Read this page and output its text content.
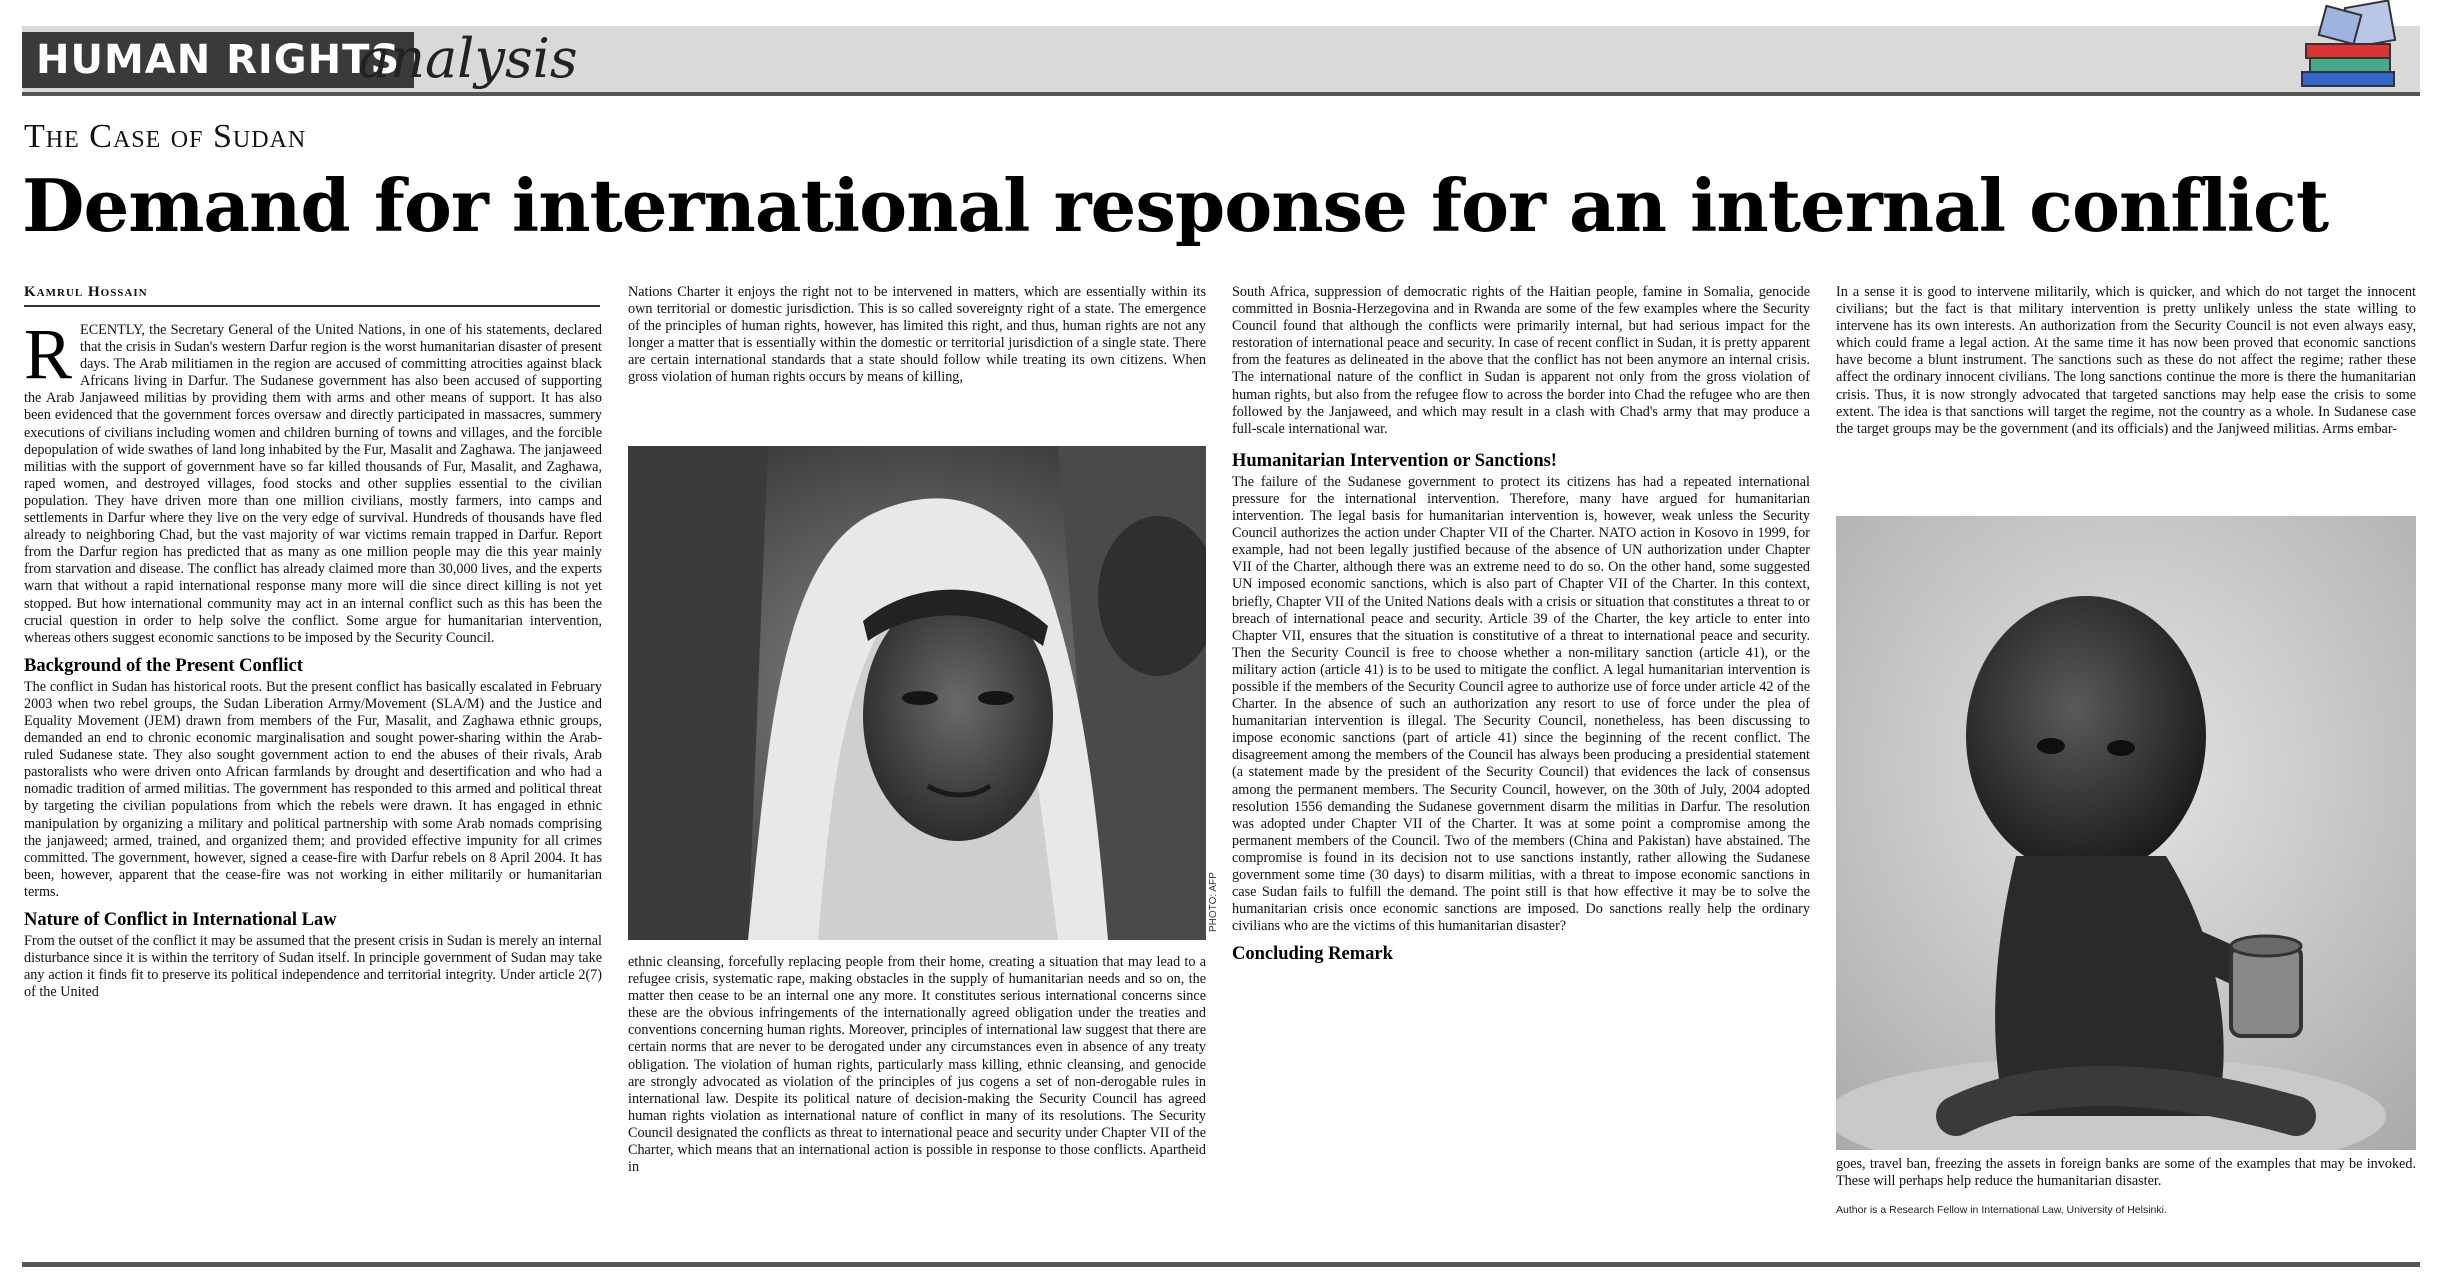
HUMAN RIGHTS
analysis
The Case of Sudan
Demand for international response for an internal conflict
Kamrul Hossain

RECENTLY, the Secretary General of the United Nations, in one of his statements, declared that the crisis in Sudan's western Darfur region is the worst humanitarian disaster of present days. The Arab militiamen in the region are accused of committing atrocities against black Africans living in Darfur. The Sudanese government has also been accused of supporting the Arab Janjaweed militias by providing them with arms and other means of support. It has also been evidenced that the government forces oversaw and directly participated in massacres, summery executions of civilians including women and children burning of towns and villages, and the forcible depopulation of wide swathes of land long inhabited by the Fur, Masalit and Zaghawa. The janjaweed militias with the support of government have so far killed thousands of Fur, Masalit, and Zaghawa, raped women, and destroyed villages, food stocks and other supplies essential to the civilian population. They have driven more than one million civilians, mostly farmers, into camps and settlements in Darfur where they live on the very edge of survival. Hundreds of thousands have fled already to neighboring Chad, but the vast majority of war victims remain trapped in Darfur. Report from the Darfur region has predicted that as many as one million people may die this year mainly from starvation and disease. The conflict has already claimed more than 30,000 lives, and the experts warn that without a rapid international response many more will die since direct killing is not yet stopped. But how international community may act in an internal conflict such as this has been the crucial question in order to help solve the conflict. Some argue for humanitarian intervention, whereas others suggest economic sanctions to be imposed by the Security Council.

Background of the Present Conflict

The conflict in Sudan has historical roots. But the present conflict has basically escalated in February 2003 when two rebel groups, the Sudan Liberation Army/Movement (SLA/M) and the Justice and Equality Movement (JEM) drawn from members of the Fur, Masalit, and Zaghawa ethnic groups, demanded an end to chronic economic marginalisation and sought power-sharing within the Arab-ruled Sudanese state. They also sought government action to end the abuses of their rivals, Arab pastoralists who were driven onto African farmlands by drought and desertification and who had a nomadic tradition of armed militias. The government has responded to this armed and political threat by targeting the civilian populations from which the rebels were drawn. It has engaged in ethnic manipulation by organizing a military and political partnership with some Arab nomads comprising the janjaweed; armed, trained, and organized them; and provided effective impunity for all crimes committed. The government, however, signed a cease-fire with Darfur rebels on 8 April 2004. It has been, however, apparent that the cease-fire was not working in either militarily or humanitarian terms.

Nature of Conflict in International Law

From the outset of the conflict it may be assumed that the present crisis in Sudan is merely an internal disturbance since it is within the territory of Sudan itself. In principle government of Sudan may take any action it finds fit to preserve its political independence and territorial integrity. Under article 2(7) of the United

Nations Charter it enjoys the right not to be intervened in matters, which are essentially within its own territorial or domestic jurisdiction. This is so called sovereignty right of a state. The emergence of the principles of human rights, however, has limited this right, and thus, human rights are not any longer a matter that is essentially within the domestic or territorial jurisdiction of a single state. There are certain international standards that a state should follow while treating its own citizens. When gross violation of human rights occurs by means of killing,

PHOTO: AFP

ethnic cleansing, forcefully replacing people from their home, creating a situation that may lead to a refugee crisis, systematic rape, making obstacles in the supply of humanitarian needs and so on, the matter then cease to be an internal one any more. It constitutes serious international concerns since these are the obvious infringements of the internationally agreed obligation under the treaties and conventions concerning human rights. Moreover, principles of international law suggest that there are certain norms that are never to be derogated under any circumstances even in absence of any treaty obligation. The violation of human rights, particularly mass killing, ethnic cleansing, and genocide are strongly advocated as violation of the principles of jus cogens a set of non-derogable rules in international law. Despite its political nature of decision-making the Security Council has agreed human rights violation as international nature of conflict in many of its resolutions. The Security Council designated the conflicts as threat to international peace and security under Chapter VII of the Charter, which means that an international action is possible in response to those conflicts. Apartheid in

South Africa, suppression of democratic rights of the Haitian people, famine in Somalia, genocide committed in Bosnia-Herzegovina and in Rwanda are some of the few examples where the Security Council found that although the conflicts were primarily internal, but had serious impact for the restoration of international peace and security. In case of recent conflict in Sudan, it is pretty apparent from the features as delineated in the above that the conflict has not been anymore an internal crisis. The international nature of the conflict in Sudan is apparent not only from the gross violation of human rights, but also from the refugee flow to across the border into Chad the refugee who are then followed by the Janjaweed, and which may result in a clash with Chad's army that may produce a full-scale international war.

Humanitarian Intervention or Sanctions!

The failure of the Sudanese government to protect its citizens has had a repeated international pressure for the international intervention. Therefore, many have argued for humanitarian intervention. The legal basis for humanitarian intervention is, however, weak unless the Security Council authorizes the action under Chapter VII of the Charter. NATO action in Kosovo in 1999, for example, had not been legally justified because of the absence of UN authorization under Chapter VII of the Charter, although there was an extreme need to do so. On the other hand, some suggested UN imposed economic sanctions, which is also part of Chapter VII of the Charter. In this context, briefly, Chapter VII of the United Nations deals with a crisis or situation that constitutes a threat to or breach of international peace and security. Article 39 of the Charter, the key article to enter into Chapter VII, ensures that the situation is constitutive of a threat to international peace and security. Then the Security Council is free to choose whether a non-military sanction (article 41), or the military action (article 41) is to be used to mitigate the conflict. A legal humanitarian intervention is possible if the members of the Security Council agree to authorize use of force under article 42 of the Charter. In the absence of such an authorization any resort to use of force under the plea of humanitarian intervention is illegal. The Security Council, nonetheless, has been discussing to impose economic sanctions (part of article 41) since the beginning of the recent conflict. The disagreement among the members of the Council has always been producing a presidential statement (a statement made by the president of the Security Council) that evidences the lack of consensus among the permanent members. The Security Council, however, on the 30th of July, 2004 adopted resolution 1556 demanding the Sudanese government disarm the militias in Darfur. The resolution was adopted under Chapter VII of the Charter. It was at some point a compromise among the permanent members of the Council. Two of the members (China and Pakistan) have abstained. The compromise is found in its decision not to use sanctions instantly, rather allowing the Sudanese government some time (30 days) to disarm militias, with a threat to impose economic sanctions in case Sudan fails to fulfill the demand. The point still is that how effective it may be to solve the humanitarian crisis once economic sanctions are imposed. Do sanctions really help the ordinary civilians who are the victims of this humanitarian disaster?

Concluding Remark

In a sense it is good to intervene militarily, which is quicker, and which do not target the innocent civilians; but the fact is that military intervention is pretty unlikely unless the state willing to intervene has its own interests. An authorization from the Security Council is not even always easy, which could frame a legal action. At the same time it has now been proved that economic sanctions have become a blunt instrument. The sanctions such as these do not affect the regime; rather these affect the ordinary innocent civilians. The long sanctions continue the more is there the humanitarian crisis. Thus, it is now strongly advocated that targeted sanctions may help ease the crisis to some extent. The idea is that sanctions will target the regime, not the country as a whole. In Sudanese case the target groups may be the government (and its officials) and the Janjweed militias. Arms embar-

goes, travel ban, freezing the assets in foreign banks are some of the examples that may be invoked. These will perhaps help reduce the humanitarian disaster.

Author is a Research Fellow in International Law, University of Helsinki.
